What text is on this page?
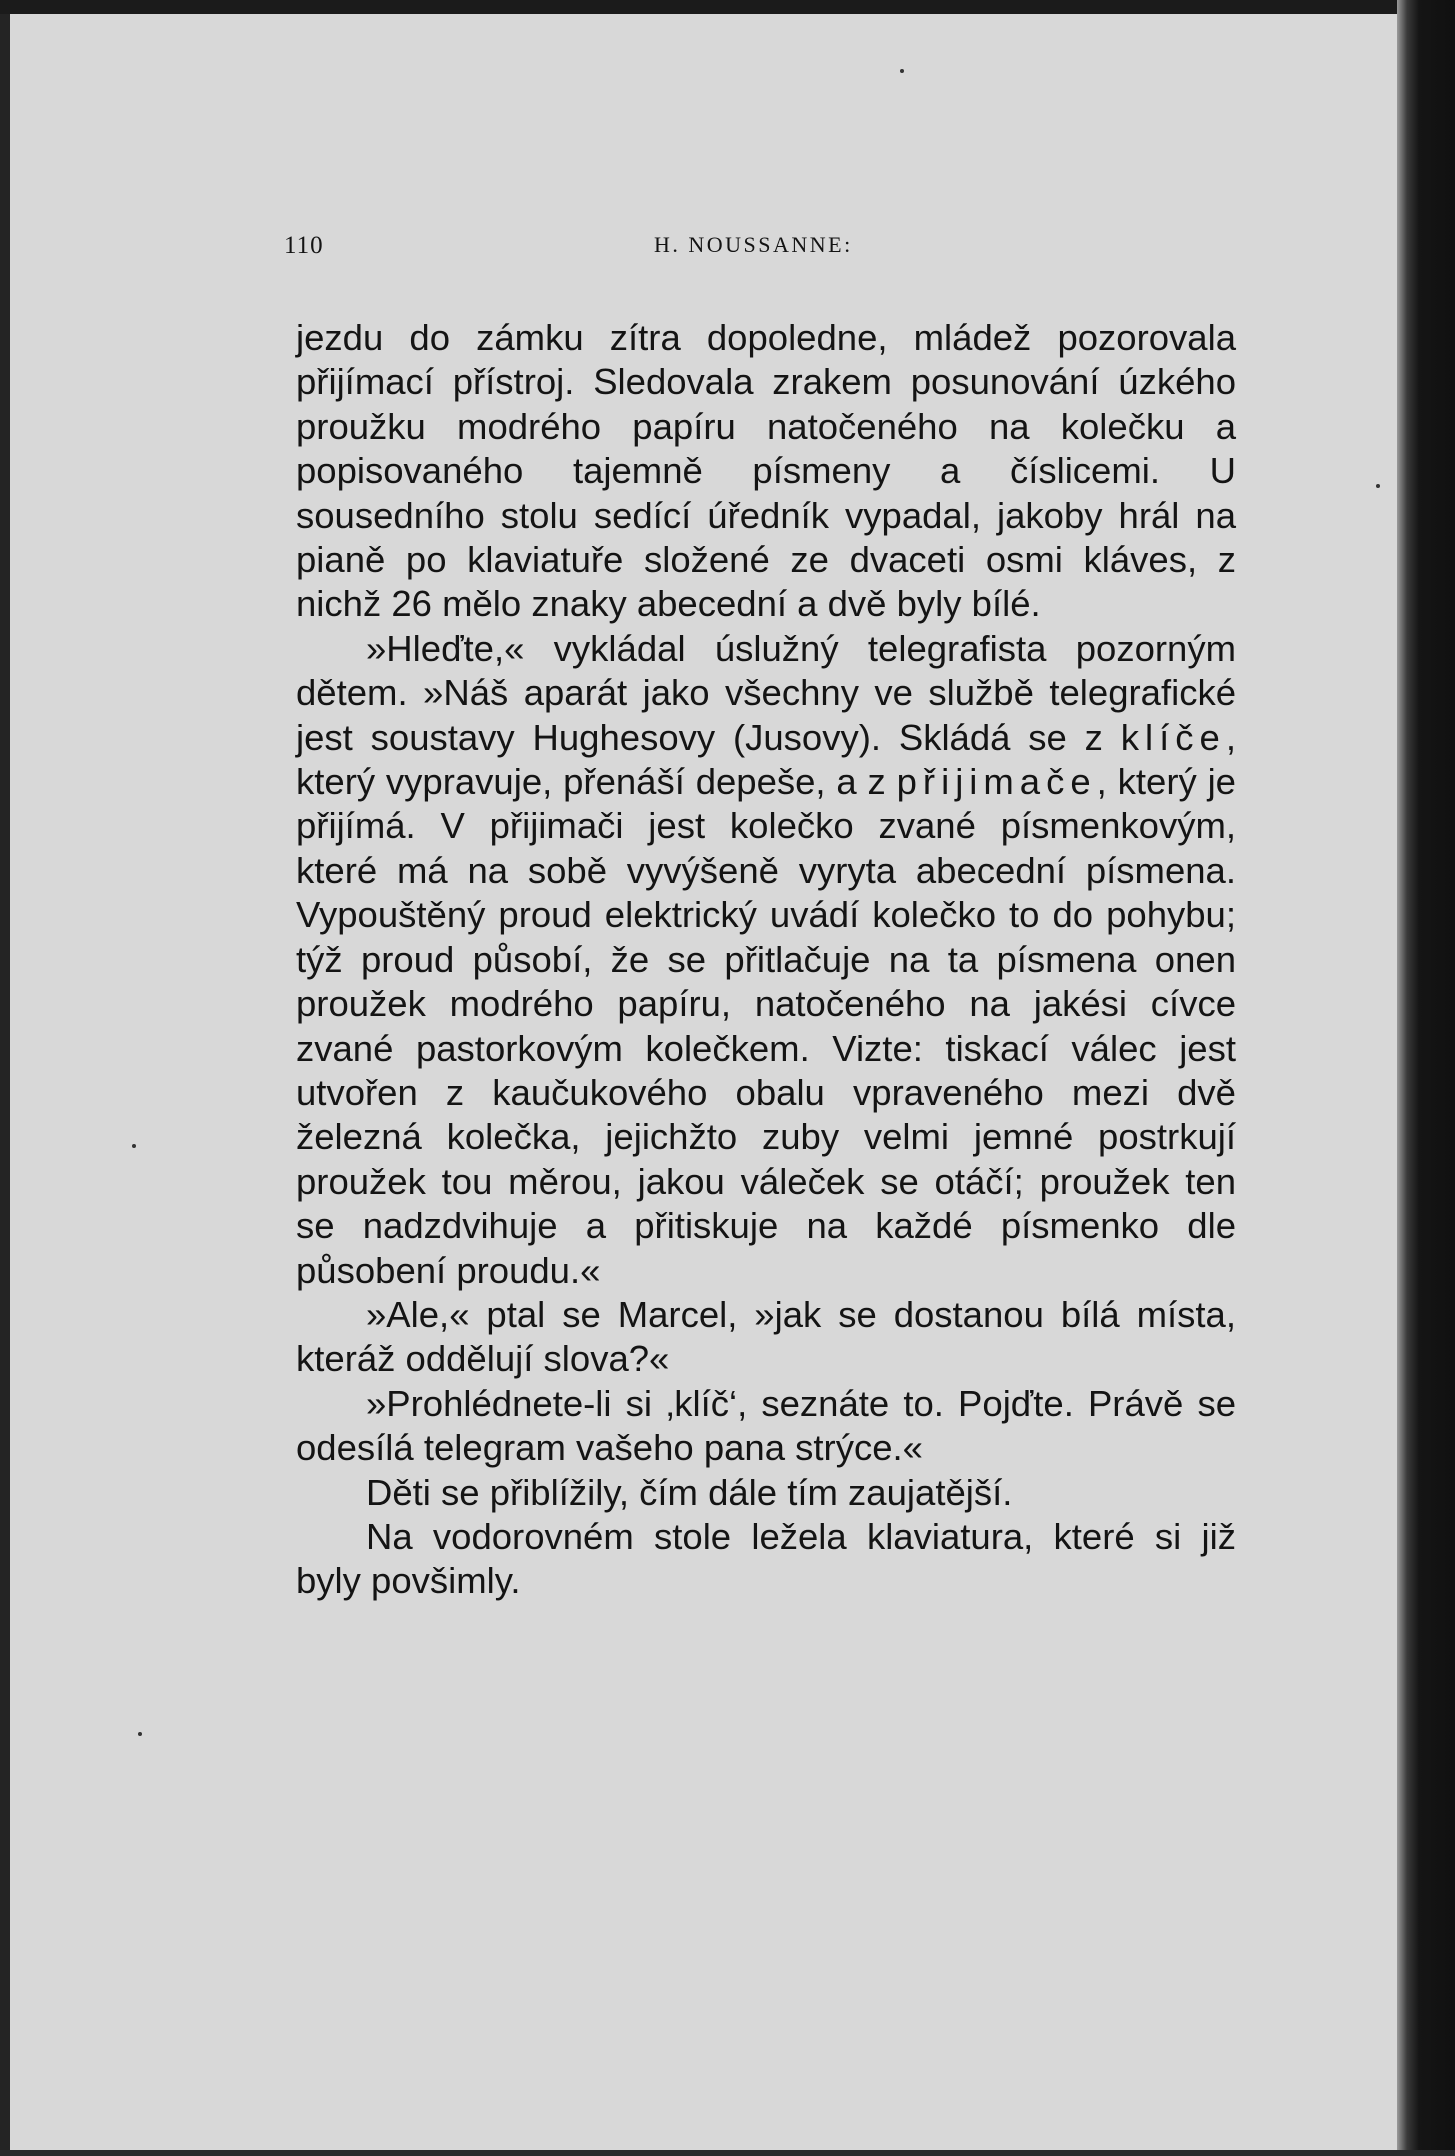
110	H. NOUSSANNE:

jezdu do zámku zítra dopoledne, mládež pozorovala přijímací přístroj. Sledovala zrakem posunování úzkého proužku modrého papíru natočeného na kolečku a popisovaného tajemně písmeny a číslicemi. U sousedního stolu sedící úředník vypadal, jakoby hrál na pianě po klaviatuře složené ze dvaceti osmi kláves, z nichž 26 mělo znaky abecední a dvě byly bílé.

»Hleďte,« vykládal úslužný telegrafista pozorným dětem. »Náš aparát jako všechny ve službě telegrafické jest soustavy Hughesovy (Jusovy). Skládá se z klíče, který vypravuje, přenáší depeše, a z přijimače, který je přijímá. V přijimači jest kolečko zvané písmenkovým, které má na sobě vyvýšeně vyryta abecední písmena. Vypouštěný proud elektrický uvádí kolečko to do pohybu; týž proud působí, že se přitlačuje na ta písmena onen proužek modrého papíru, natočeného na jakési cívce zvané pastorkovým kolečkem. Vizte: tiskací válec jest utvořen z kaučukového obalu vpraveného mezi dvě železná kolečka, jejichžto zuby velmi jemné postrkují proužek tou měrou, jakou váleček se otáčí; proužek ten se nadzdvihuje a přitiskuje na každé písmenko dle působení proudu.«

»Ale,« ptal se Marcel, »jak se dostanou bílá místa, kteráž oddělují slova?«

»Prohlédnete-li si ‚klíč‘, seznáte to. Pojďte. Právě se odesílá telegram vašeho pana strýce.«

Děti se přiblížily, čím dále tím zaujatější.

Na vodorovném stole ležela klaviatura, které si již byly povšimly.
